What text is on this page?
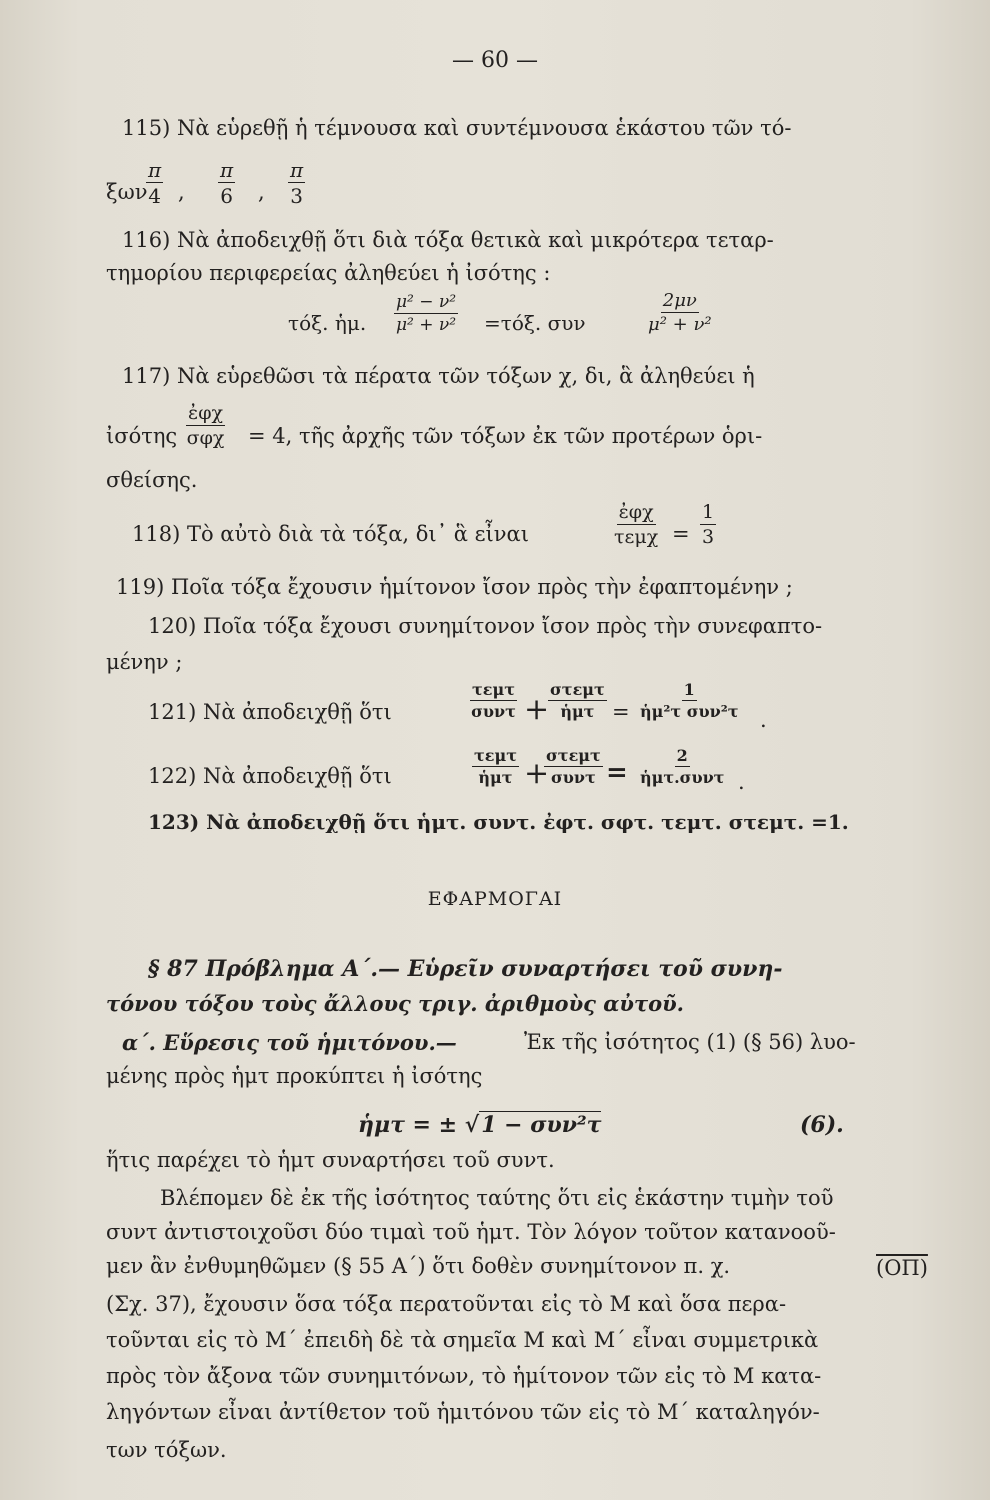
— 60 —
115) Νὰ εὑρεθῇ ἡ τέμνουσα καὶ συντέμνουσα ἑκάστου τῶν τό-
ξων
$\frac{\pi}{4}$ , $\frac{\pi}{6}$ , $\frac{\pi}{3}$
116) Νὰ ἀποδειχθῇ ὅτι διὰ τόξα θετικὰ καὶ μικρότερα τεταρ-
τημορίου περιφερείας ἀληθεύει ἡ ἰσότης :
τόξ. ἡμ. $\frac{\text{μ² − ν²}}{\text{μ² + ν²}} =\tau ό\xi$. συν	$\frac{2\mu\nu}{\text{μ² + ν²}}$
117) Νὰ εὑρεθῶσι τὰ πέρατα τῶν τόξων χ, δι, ἃ ἀληθεύει ἡ
ἰσότης
ἐφχ
σφχ = 4, τῆς ἀρχῆς τῶν τόξων ἐκ τῶν προτέρων ὁρι-
σθείσης.
118) Τὸ αὐτὸ διὰ τὰ τόξα, δι᾽ ἃ εἶναι
ἐφχ
$\tau\varepsilon\mu\chi = \frac{1}{3}$
119) Ποῖα τόξα ἔχουσιν ἡμίτονον ἴσον πρὸς τὴν ἐφαπτομένην ;
120) Ποῖα τόξα ἔχουσι συνημίτονον ἴσον πρὸς τὴν συνεφαπτο-
μένην ;
121) Νὰ ἀποδειχθῇ ὅτι
τεμτ
συντ +
στεμτ
ἡμτ =
1
ἡμ²τ συν²τ .
122) Νὰ ἀποδειχθῇ ὅτι
τεμτ
ἡμτ +
στεμτ
συντ =
2
ἡμτ.συντ .
123) Νὰ ἀποδειχθῇ ὅτι ἡμτ. συντ. ἐφτ. σφτ. τεμτ. στεμτ. =1.
ΕΦΑΡΜΟΓΑΙ
§ 87 Πρόβλημα Α΄.— Εὑρεῖν συναρτήσει τοῦ συνη-
τόνου τόξου τοὺς ἄλλους τριγ. ἀριθμοὺς αὐτοῦ.
α΄. Εὕρεσις τοῦ ἡμιτόνου.—	Ἐκ τῆς ἰσότητος (1) (§ 56) λυο-
μένης πρὸς ἡμτ προκύπτει ἡ ἰσότης
ἡμτ = ± √1 − συν²τ	(6).
ἥτις παρέχει τὸ ἡμτ συναρτήσει τοῦ συντ.
Βλέπομεν δὲ ἐκ τῆς ἰσότητος ταύτης ὅτι εἰς ἑκάστην τιμὴν τοῦ
συντ ἀντιστοιχοῦσι δύο τιμαὶ τοῦ ἡμτ. Τὸν λόγον τοῦτον κατανοοῦ-
μεν ἂν ἐνθυμηθῶμεν (§ 55 Α΄) ὅτι δοθὲν συνημίτονον π. χ.	(ΟΠ)
(Σχ. 37), ἔχουσιν ὅσα τόξα περατοῦνται εἰς τὸ Μ καὶ ὅσα περα-
τοῦνται εἰς τὸ Μ΄ ἐπειδὴ δὲ τὰ σημεῖα Μ καὶ Μ΄ εἶναι συμμετρικὰ
πρὸς τὸν ἄξονα τῶν συνημιτόνων, τὸ ἡμίτονον τῶν εἰς τὸ Μ κατα-
ληγόντων εἶναι ἀντίθετον τοῦ ἡμιτόνου τῶν εἰς τὸ Μ΄ καταληγόν-
των τόξων.
